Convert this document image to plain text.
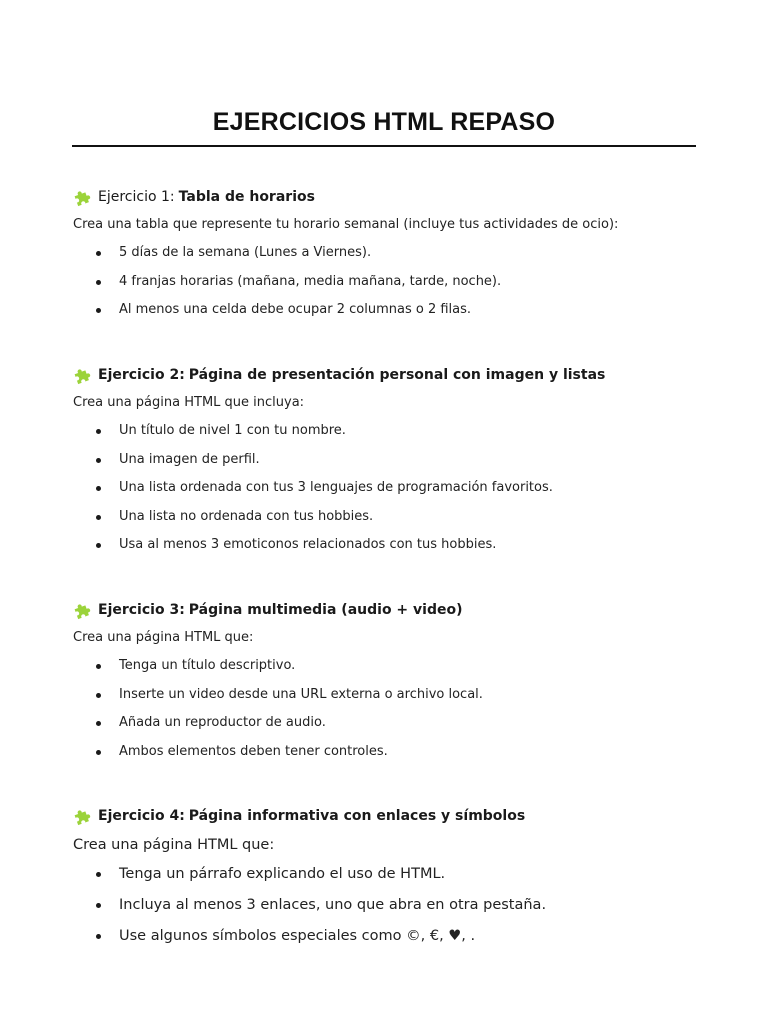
EJERCICIOS HTML REPASO
Ejercicio 1: Tabla de horarios
Crea una tabla que represente tu horario semanal (incluye tus actividades de ocio):
5 días de la semana (Lunes a Viernes).
4 franjas horarias (mañana, media mañana, tarde, noche).
Al menos una celda debe ocupar 2 columnas o 2 filas.
Ejercicio 2: Página de presentación personal con imagen y listas
Crea una página HTML que incluya:
Un título de nivel 1 con tu nombre.
Una imagen de perfil.
Una lista ordenada con tus 3 lenguajes de programación favoritos.
Una lista no ordenada con tus hobbies.
Usa al menos 3 emoticonos relacionados con tus hobbies.
Ejercicio 3: Página multimedia (audio + video)
Crea una página HTML que:
Tenga un título descriptivo.
Inserte un video desde una URL externa o archivo local.
Añada un reproductor de audio.
Ambos elementos deben tener controles.
Ejercicio 4: Página informativa con enlaces y símbolos
Crea una página HTML que:
Tenga un párrafo explicando el uso de HTML.
Incluya al menos 3 enlaces, uno que abra en otra pestaña.
Use algunos símbolos especiales como ©, €, ♥, .
